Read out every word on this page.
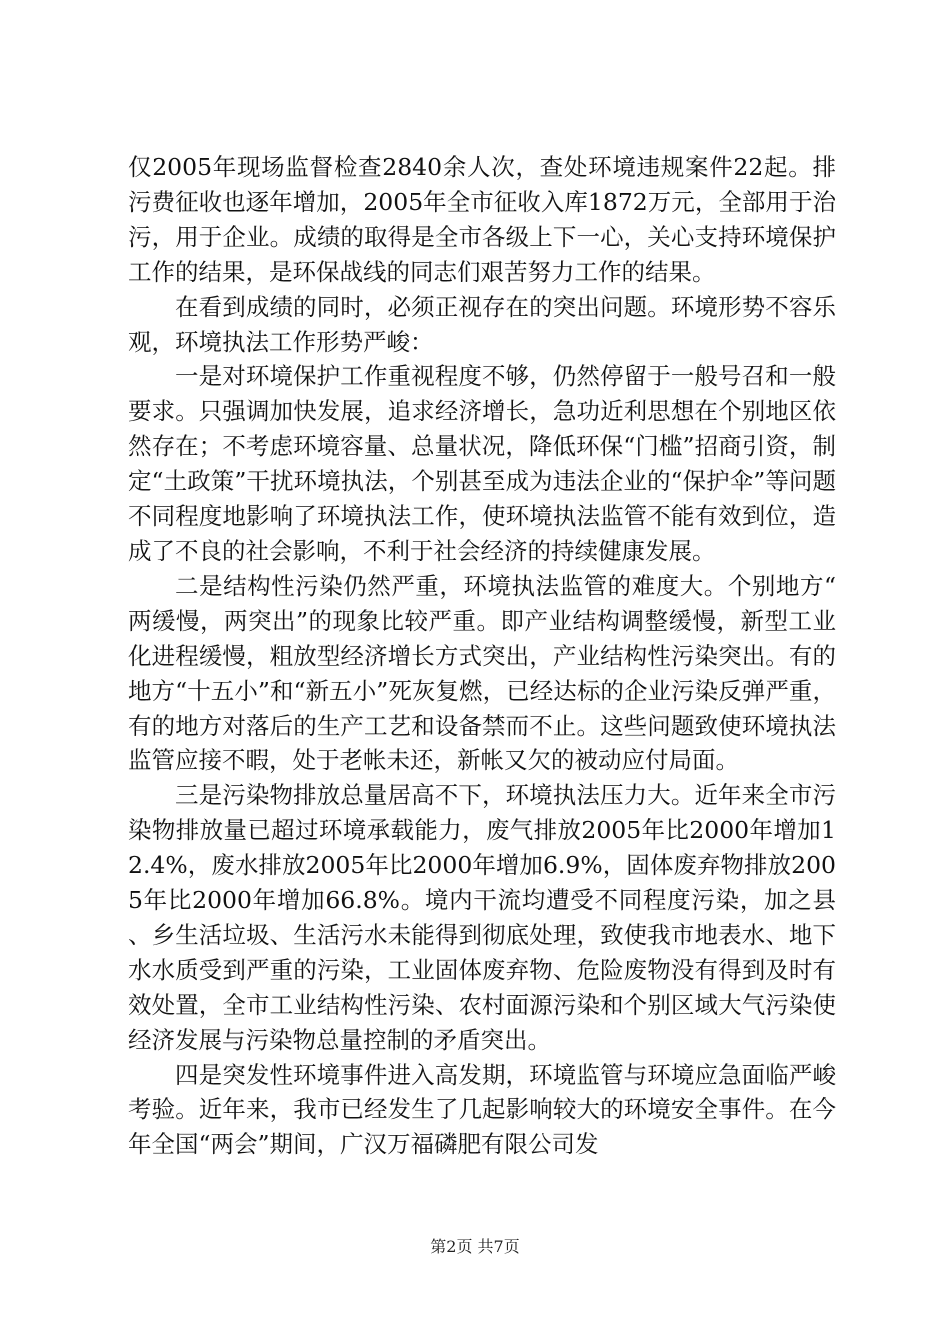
仅2005年现场监督检查2840余人次，查处环境违规案件22起。排污费征收也逐年增加，2005年全市征收入库1872万元，全部用于治污，用于企业。成绩的取得是全市各级上下一心，关心支持环境保护工作的结果，是环保战线的同志们艰苦努力工作的结果。

在看到成绩的同时，必须正视存在的突出问题。环境形势不容乐观，环境执法工作形势严峻：

一是对环境保护工作重视程度不够，仍然停留于一般号召和一般要求。只强调加快发展，追求经济增长，急功近利思想在个别地区依然存在；不考虑环境容量、总量状况，降低环保“门槛”招商引资，制定“土政策”干扰环境执法，个别甚至成为违法企业的“保护伞”等问题不同程度地影响了环境执法工作，使环境执法监管不能有效到位，造成了不良的社会影响，不利于社会经济的持续健康发展。

二是结构性污染仍然严重，环境执法监管的难度大。个别地方“两缓慢，两突出”的现象比较严重。即产业结构调整缓慢，新型工业化进程缓慢，粗放型经济增长方式突出，产业结构性污染突出。有的地方“十五小”和“新五小”死灰复燃，已经达标的企业污染反弹严重，有的地方对落后的生产工艺和设备禁而不止。这些问题致使环境执法监管应接不暇，处于老帐未还，新帐又欠的被动应付局面。

三是污染物排放总量居高不下，环境执法压力大。近年来全市污染物排放量已超过环境承载能力，废气排放2005年比2000年增加12.4%，废水排放2005年比2000年增加6.9%，固体废弃物排放2005年比2000年增加66.8%。境内干流均遭受不同程度污染，加之县、乡生活垃圾、生活污水未能得到彻底处理，致使我市地表水、地下水水质受到严重的污染，工业固体废弃物、危险废物没有得到及时有效处置，全市工业结构性污染、农村面源污染和个别区域大气污染使经济发展与污染物总量控制的矛盾突出。

四是突发性环境事件进入高发期，环境监管与环境应急面临严峻考验。近年来，我市已经发生了几起影响较大的环境安全事件。在今年全国“两会”期间，广汉万福磷肥有限公司发

第2页 共7页
